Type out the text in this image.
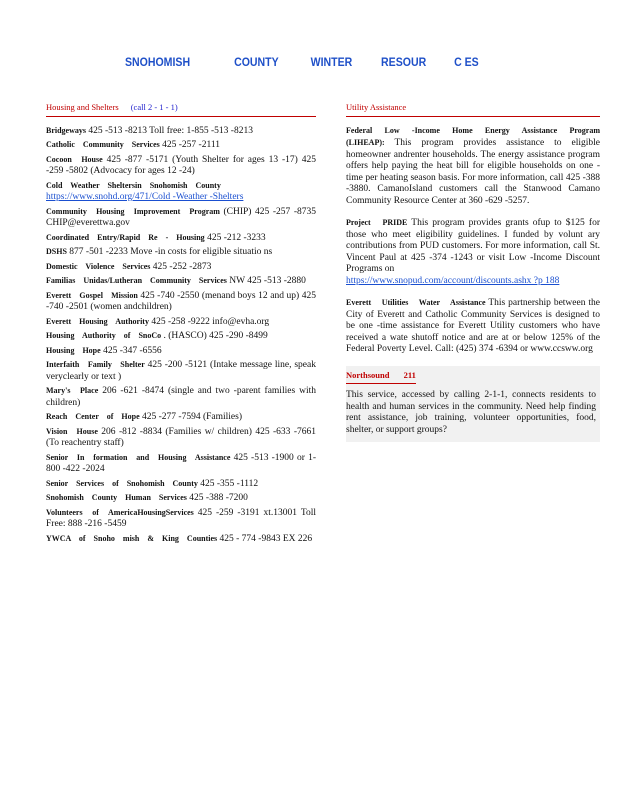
SNOHOMISH	COUNTY	WINTER RESOUR C ES
Housing and Shelters (call 2 - 1 - 1)
Bridgeways 425 -513 -8213 Toll free: 1-855 -513 -8213
Catholic Community Services 425 -257 -2111
Cocoon House 425 -877 -5171 (Youth Shelter for ages 13 -17) 425 -259 -5802 (Advocacy for ages 12 -24)
Cold Weather Sheltersin Snohomish County
https://www.snohd.org/471/Cold -Weather -Shelters
Community Housing Improvement Program (CHIP) 425 -257 -8735 CHIP@everettwa.gov
Coordinated Entry/Rapid Re - Housing 425 -212 -3233
DSHS 877 -501 -2233 Move -in costs for eligible situatio ns
Domestic Violence Services 425 -252 -2873
Familias Unidas/Lutheran Community Services NW 425 -513 -2880
Everett Gospel Mission 425 -740 -2550 (menand boys 12 and up) 425 -740 -2501 (women andchildren)
Everett Housing Authority 425 -258 -9222 info@evha.org
Housing Authority of SnoCo . (HASCO) 425 -290 -8499
Housing Hope 425 -347 -6556
Interfaith Family Shelter 425 -200 -5121 (Intake message line, speak veryclearly or text )
Mary's Place 206 -621 -8474 (single and two -parent families with children)
Reach Center of Hope 425 -277 -7594 (Families)
Vision House 206 -812 -8834 (Families w/ children) 425 -633 -7661 (To reachentry staff)
Senior In formation and Housing Assistance 425 -513 -1900 or 1-800 -422 -2024
Senior Services of Snohomish County 425 -355 -1112
Snohomish County Human Services 425 -388 -7200
Volunteers of AmericaHousingServices 425 -259 -3191 xt.13001 Toll Free: 888 -216 -5459
YWCA of Snoho mish & King Counties 425 - 774 -9843 EX 226
Utility Assistance
Federal Low -Income Home Energy Assistance Program (LIHEAP): This program provides assistance to eligible homeowner andrenter households. The energy assistance program offers help paying the heat bill for eligible households on one -time per heating season basis. For more information, call 425 -388 -3880. CamanoIsland customers call the Stanwood Camano Community Resource Center at 360 -629 -5257.
Project PRIDE This program provides grants ofup to $125 for those who meet eligibility guidelines. I funded by volunt ary contributions from PUD customers. For more information, call St. Vincent Paul at 425 -374 -1243 or visit Low -Income Discount Programs on
https://www.snopud.com/account/discounts.ashx ?p 188
Everett Utilities Water Assistance This partnership between the City of Everett and Catholic Community Services is designed to be one -time assistance for Everett Utility customers who have received a wate shutoff notice and are at or below 125% of the Federal Poverty Level. Call: (425) 374 -6394 or www.ccsww.org
Northsound 211
This service, accessed by calling 2-1-1, connects residents to health and human services in the community. Need help finding rent assistance, job training, volunteer opportunities, food, shelter, or support groups?
